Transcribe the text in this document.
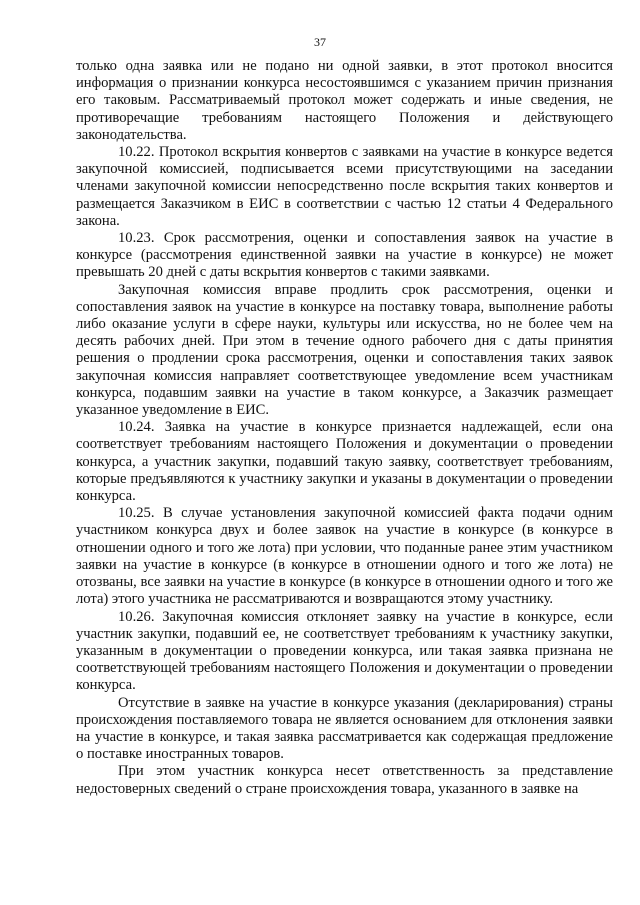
37

только одна заявка или не подано ни одной заявки, в этот протокол вносится информация о признании конкурса несостоявшимся с указанием причин признания его таковым. Рассматриваемый протокол может содержать и иные сведения, не противоречащие требованиям настоящего Положения и действующего законодательства.

10.22. Протокол вскрытия конвертов с заявками на участие в конкурсе ведется закупочной комиссией, подписывается всеми присутствующими на заседании членами закупочной комиссии непосредственно после вскрытия таких конвертов и размещается Заказчиком в ЕИС в соответствии с частью 12 статьи 4 Федерального закона.

10.23. Срок рассмотрения, оценки и сопоставления заявок на участие в конкурсе (рассмотрения единственной заявки на участие в конкурсе) не может превышать 20 дней с даты вскрытия конвертов с такими заявками.

Закупочная комиссия вправе продлить срок рассмотрения, оценки и сопоставления заявок на участие в конкурсе на поставку товара, выполнение работы либо оказание услуги в сфере науки, культуры или искусства, но не более чем на десять рабочих дней. При этом в течение одного рабочего дня с даты принятия решения о продлении срока рассмотрения, оценки и сопоставления таких заявок закупочная комиссия направляет соответствующее уведомление всем участникам конкурса, подавшим заявки на участие в таком конкурсе, а Заказчик размещает указанное уведомление в ЕИС.

10.24. Заявка на участие в конкурсе признается надлежащей, если она соответствует требованиям настоящего Положения и документации о проведении конкурса, а участник закупки, подавший такую заявку, соответствует требованиям, которые предъявляются к участнику закупки и указаны в документации о проведении конкурса.

10.25. В случае установления закупочной комиссией факта подачи одним участником конкурса двух и более заявок на участие в конкурсе (в конкурсе в отношении одного и того же лота) при условии, что поданные ранее этим участником заявки на участие в конкурсе (в конкурсе в отношении одного и того же лота) не отозваны, все заявки на участие в конкурсе (в конкурсе в отношении одного и того же лота) этого участника не рассматриваются и возвращаются этому участнику.

10.26. Закупочная комиссия отклоняет заявку на участие в конкурсе, если участник закупки, подавший ее, не соответствует требованиям к участнику закупки, указанным в документации о проведении конкурса, или такая заявка признана не соответствующей требованиям настоящего Положения и документации о проведении конкурса.

Отсутствие в заявке на участие в конкурсе указания (декларирования) страны происхождения поставляемого товара не является основанием для отклонения заявки на участие в конкурсе, и такая заявка рассматривается как содержащая предложение о поставке иностранных товаров.

При этом участник конкурса несет ответственность за представление недостоверных сведений о стране происхождения товара, указанного в заявке на
